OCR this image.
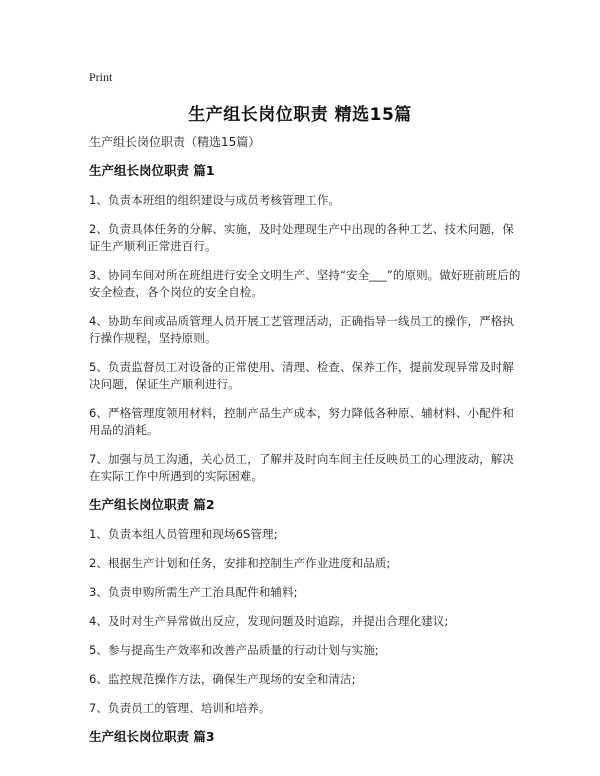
Print
生产组长岗位职责 精选15篇

生产组长岗位职责（精选15篇）

生产组长岗位职责 篇1

1、负责本班组的组织建设与成员考核管理工作。

2、负责具体任务的分解、实施，及时处理现生产中出现的各种工艺、技术问题，保证生产顺利正常进百行。

3、协同车间对所在班组进行安全文明生产、坚持“安全___”的原则。做好班前班后的安全检查，各个岗位的安全自检。

4、协助车间或品质管理人员开展工艺管理活动，正确指导一线员工的操作，严格执行操作规程，坚持原则。

5、负责监督员工对设备的正常使用、清理、检查、保养工作，提前发现异常及时解决问题，保证生产顺利进行。

6、严格管理度领用材料，控制产品生产成本，努力降低各种原、辅材料、小配件和用品的消耗。

7、加强与员工沟通，关心员工，了解并及时向车间主任反映员工的心理波动，解决在实际工作中所遇到的实际困难。

生产组长岗位职责 篇2

1、负责本组人员管理和现场6S管理;

2、根据生产计划和任务，安排和控制生产作业进度和品质;

3、负责申购所需生产工治具配件和辅料;

4、及时对生产异常做出反应，发现问题及时追踪，并提出合理化建议;

5、参与提高生产效率和改善产品质量的行动计划与实施;

6、监控规范操作方法，确保生产现场的安全和清洁;

7、负责员工的管理、培训和培养。

生产组长岗位职责 篇3
